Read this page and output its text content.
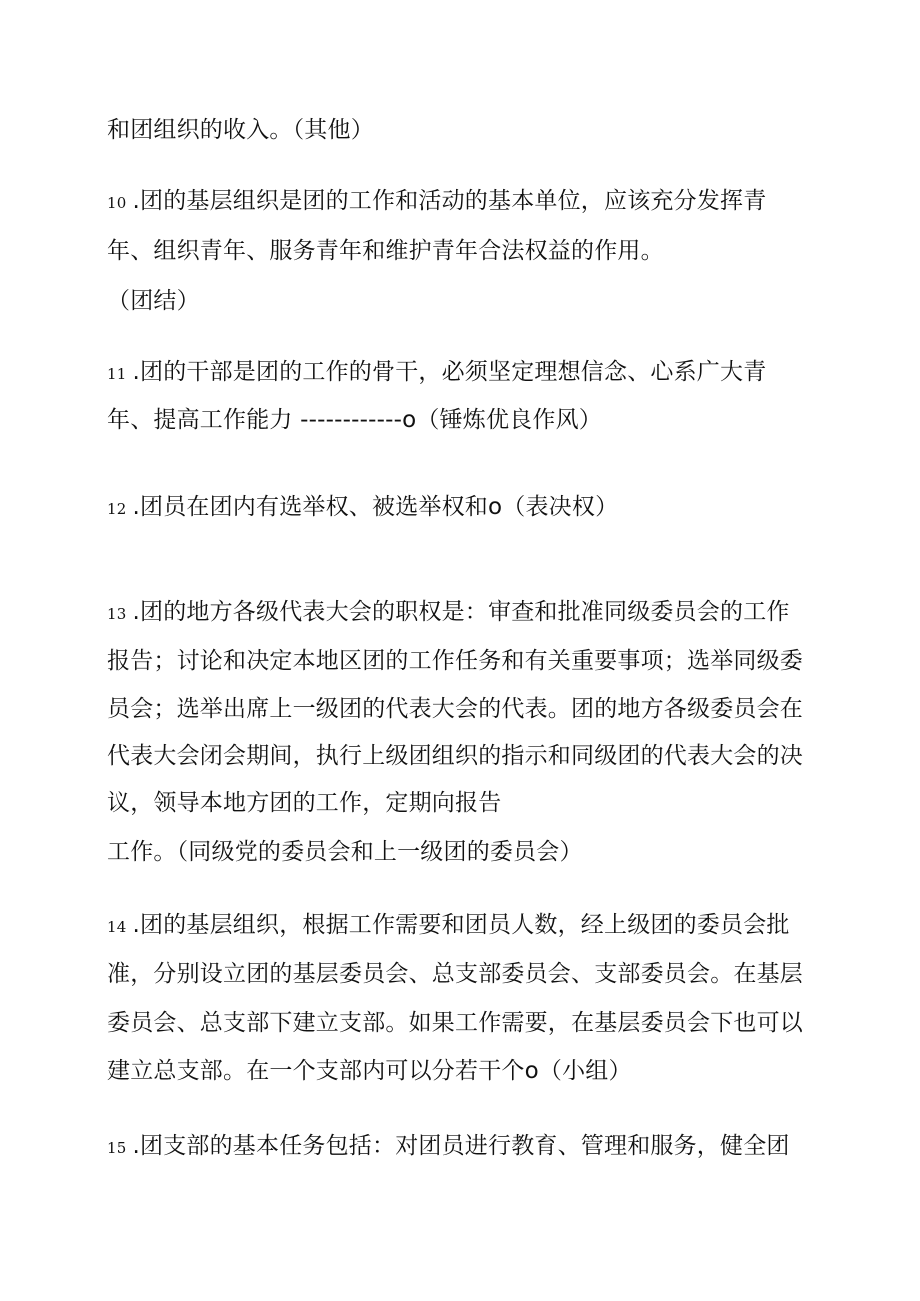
和团组织的收入。（其他）
10 .团的基层组织是团的工作和活动的基本单位，应该充分发挥青
年、组织青年、服务青年和维护青年合法权益的作用。
（团结）
11 .团的干部是团的工作的骨干，必须坚定理想信念、心系广大青
年、提高工作能力 ------------o（锤炼优良作风）
12 .团员在团内有选举权、被选举权和o（表决权）
13 .团的地方各级代表大会的职权是：审查和批准同级委员会的工作
报告；讨论和决定本地区团的工作任务和有关重要事项；选举同级委
员会；选举出席上一级团的代表大会的代表。团的地方各级委员会在
代表大会闭会期间，执行上级团组织的指示和同级团的代表大会的决
议，领导本地方团的工作，定期向报告
工作。（同级党的委员会和上一级团的委员会）
14 .团的基层组织，根据工作需要和团员人数，经上级团的委员会批
准，分别设立团的基层委员会、总支部委员会、支部委员会。在基层
委员会、总支部下建立支部。如果工作需要，在基层委员会下也可以
建立总支部。在一个支部内可以分若干个o（小组）
15 .团支部的基本任务包括：对团员进行教育、管理和服务，健全团
